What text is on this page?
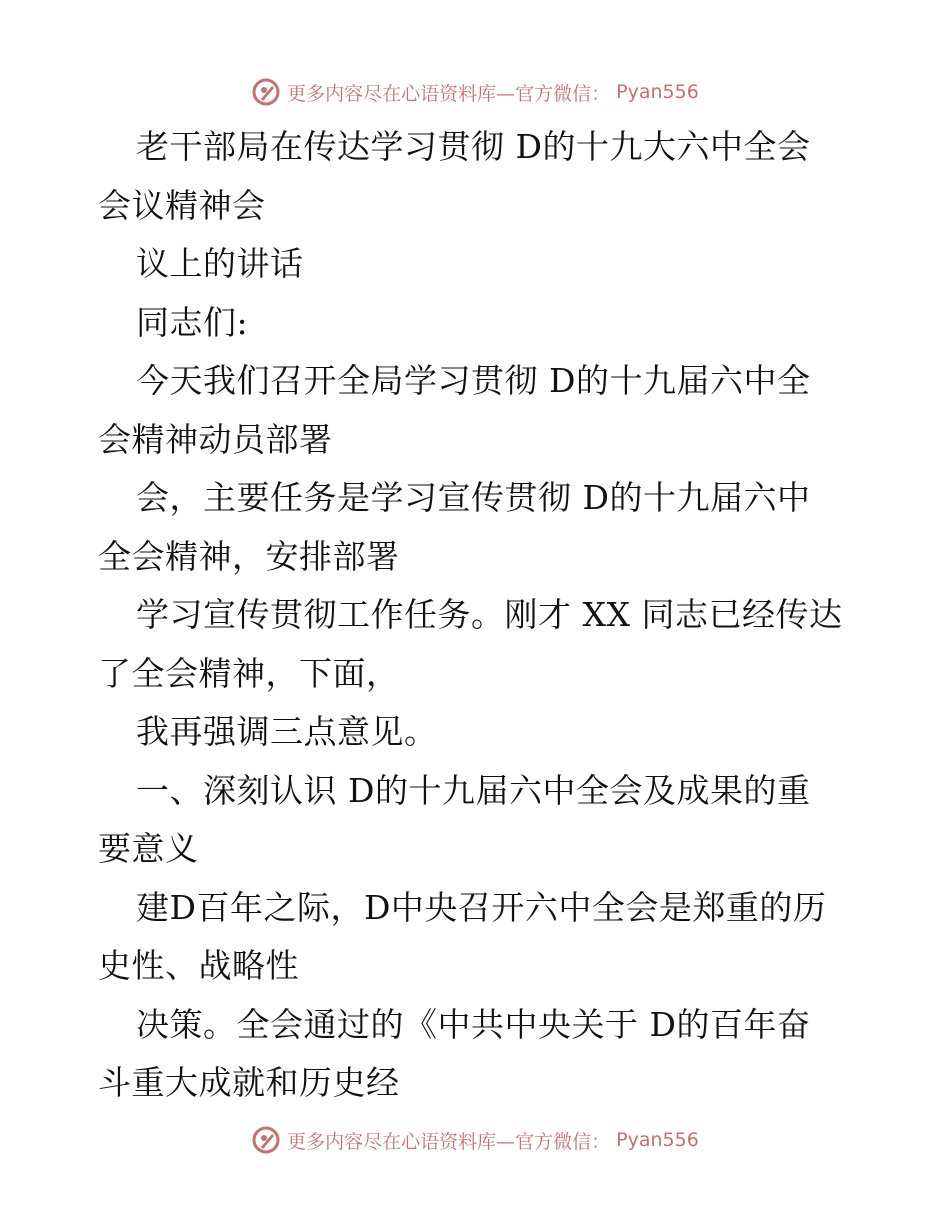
更多内容尽在心语资料库—官方微信： Pyan556
老干部局在传达学习贯彻 D的十九大六中全会
会议精神会
议上的讲话
同志们:
今天我们召开全局学习贯彻 D的十九届六中全
会精神动员部署
会，主要任务是学习宣传贯彻 D的十九届六中
全会精神，安排部署
学习宣传贯彻工作任务。刚才 XX 同志已经传达
了全会精神，下面，
我再强调三点意见。
一、深刻认识 D的十九届六中全会及成果的重
要意义
建D百年之际，D中央召开六中全会是郑重的历
史性、战略性
决策。全会通过的《中共中央关于 D的百年奋
斗重大成就和历史经
更多内容尽在心语资料库—官方微信： Pyan556
